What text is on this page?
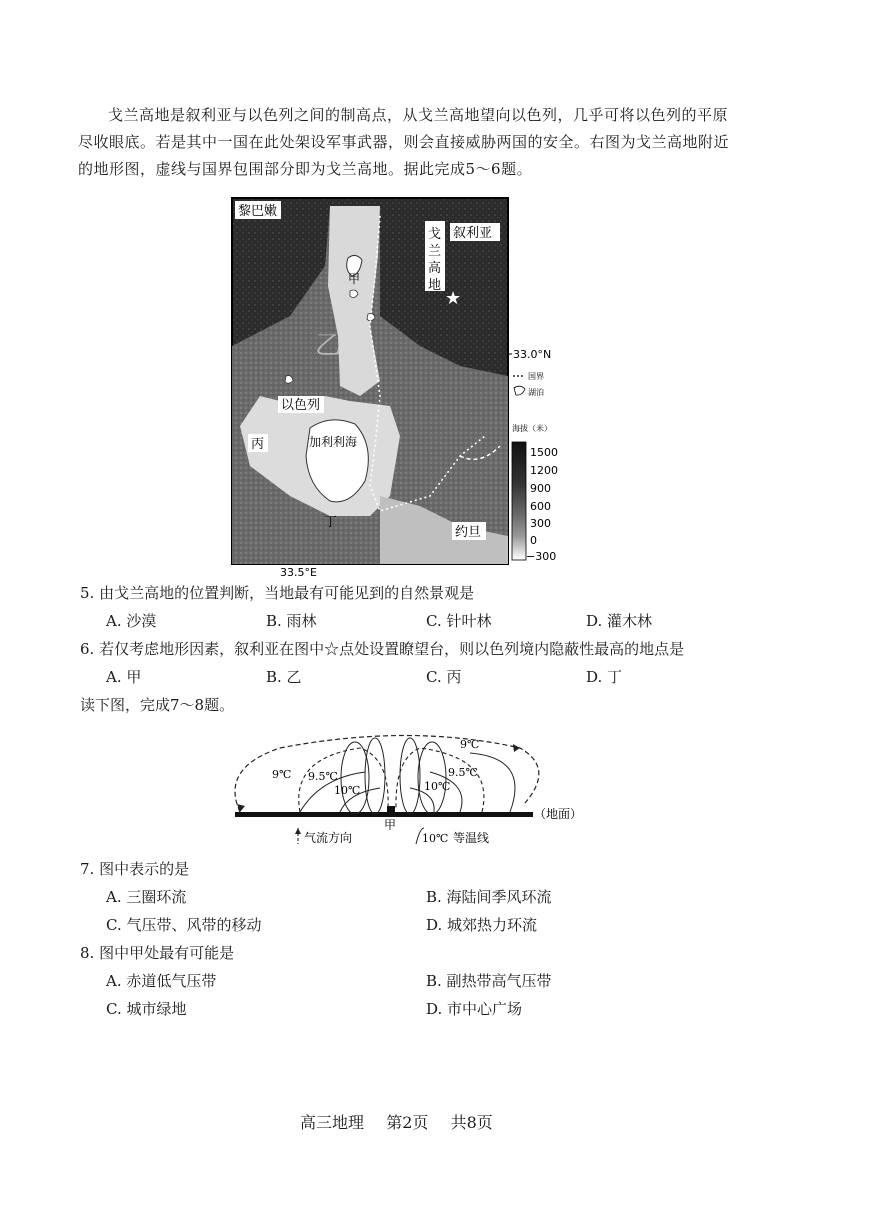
戈兰高地是叙利亚与以色列之间的制高点，从戈兰高地望向以色列，几乎可将以色列的平原
尽收眼底。若是其中一国在此处架设军事武器，则会直接威胁两国的安全。右图为戈兰高地附近
的地形图，虚线与国界包围部分即为戈兰高地。据此完成5～6题。
黎巴嫩
戈
兰
高
地
叙利亚
★
甲
乙
以色列
丙	加利利海
丁
约旦
33.0°N
33.5°E
国界
湖泊
海拔（米）
1500
1200
900
600
300
0
−300
5. 由戈兰高地的位置判断，当地最有可能见到的自然景观是
A. 沙漠	B. 雨林	C. 针叶林	D. 灌木林
6. 若仅考虑地形因素，叙利亚在图中☆点处设置瞭望台，则以色列境内隐蔽性最高的地点是
A. 甲	B. 乙	C. 丙	D. 丁
读下图，完成7～8题。
9℃ 9.5℃
10℃	10℃
9.5℃
9℃
（地面）
甲
气流方向	10℃ 等温线
7. 图中表示的是
A. 三圈环流	B. 海陆间季风环流
C. 气压带、风带的移动	D. 城郊热力环流
8. 图中甲处最有可能是
A. 赤道低气压带	B. 副热带高气压带
C. 城市绿地	D. 市中心广场
高三地理 第2页 共8页
